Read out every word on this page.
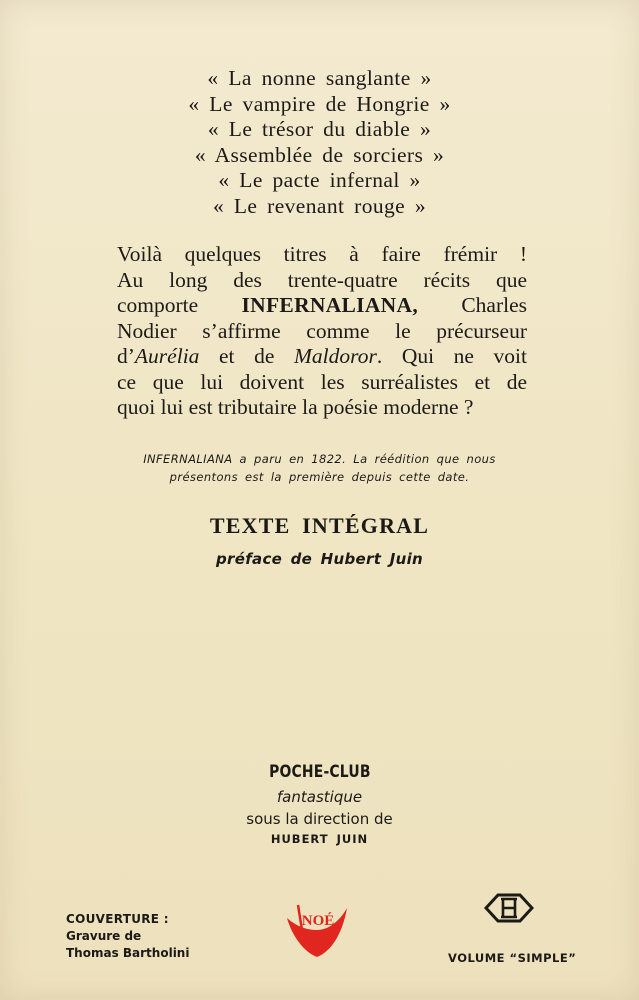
« La nonne sanglante »
« Le vampire de Hongrie »
« Le trésor du diable »
« Assemblée de sorciers »
« Le pacte infernal »
« Le revenant rouge »
Voilà quelques titres à faire frémir !
Au long des trente-quatre récits que
comporte INFERNALIANA, Charles
Nodier s’affirme comme le précurseur
d’Aurélia et de Maldoror. Qui ne voit
ce que lui doivent les surréalistes et de
quoi lui est tributaire la poésie moderne ?
INFERNALIANA a paru en 1822. La réédition que nous
présentons est la première depuis cette date.
TEXTE INTÉGRAL
préface de Hubert Juin
POCHE-CLUB
fantastique
sous la direction de
HUBERT JUIN
COUVERTURE :
Gravure de
Thomas Bartholini
NOÉ
VOLUME “SIMPLE”
